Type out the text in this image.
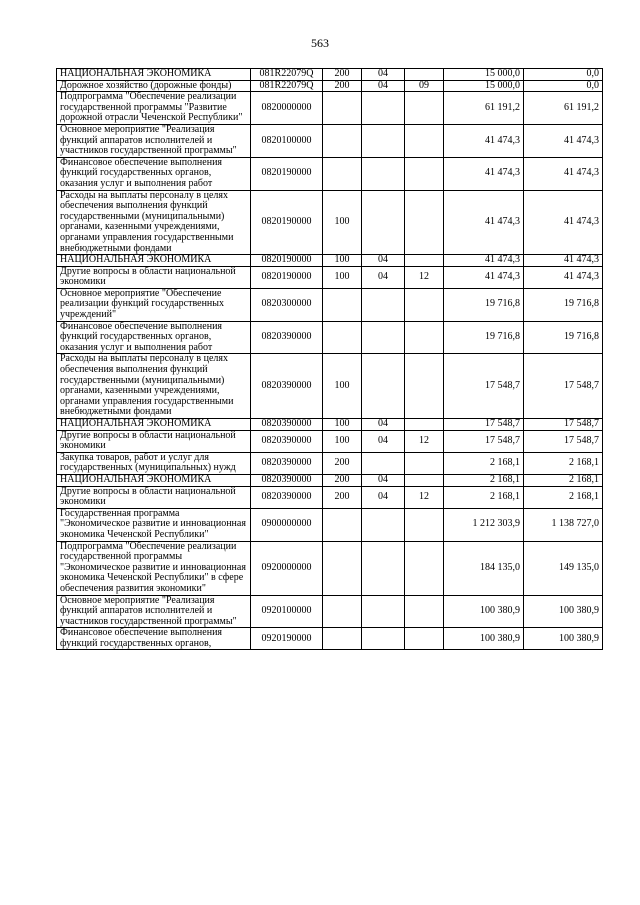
563
НАЦИОНАЛЬНАЯ ЭКОНОМИКА	081R22079Q	200	04		15 000,0	0,0
Дорожное хозяйство (дорожные фонды)	081R22079Q	200	04	09	15 000,0	0,0
Подпрограмма "Обеспечение реализации государственной программы "Развитие дорожной отрасли Чеченской Республики"	0820000000				61 191,2	61 191,2
Основное мероприятие "Реализация функций аппаратов исполнителей и участников государственной программы"	0820100000				41 474,3	41 474,3
Финансовое обеспечение выполнения функций государственных органов, оказания услуг и выполнения работ	0820190000				41 474,3	41 474,3
Расходы на выплаты персоналу в целях обеспечения выполнения функций государственными (муниципальными) органами, казенными учреждениями, органами управления государственными внебюджетными фондами	0820190000	100			41 474,3	41 474,3
НАЦИОНАЛЬНАЯ ЭКОНОМИКА	0820190000	100	04		41 474,3	41 474,3
Другие вопросы в области национальной экономики	0820190000	100	04	12	41 474,3	41 474,3
Основное мероприятие "Обеспечение реализации функций государственных учреждений"	0820300000				19 716,8	19 716,8
Финансовое обеспечение выполнения функций государственных органов, оказания услуг и выполнения работ	0820390000				19 716,8	19 716,8
Расходы на выплаты персоналу в целях обеспечения выполнения функций государственными (муниципальными) органами, казенными учреждениями, органами управления государственными внебюджетными фондами	0820390000	100			17 548,7	17 548,7
НАЦИОНАЛЬНАЯ ЭКОНОМИКА	0820390000	100	04		17 548,7	17 548,7
Другие вопросы в области национальной экономики	0820390000	100	04	12	17 548,7	17 548,7
Закупка товаров, работ и услуг для государственных (муниципальных) нужд	0820390000	200			2 168,1	2 168,1
НАЦИОНАЛЬНАЯ ЭКОНОМИКА	0820390000	200	04		2 168,1	2 168,1
Другие вопросы в области национальной экономики	0820390000	200	04	12	2 168,1	2 168,1
Государственная программа "Экономическое развитие и инновационная экономика Чеченской Республики"	0900000000				1 212 303,9	1 138 727,0
Подпрограмма "Обеспечение реализации государственной программы "Экономическое развитие и инновационная экономика Чеченской Республики" в сфере обеспечения развития экономики"	0920000000				184 135,0	149 135,0
Основное мероприятие "Реализация функций аппаратов исполнителей и участников государственной программы"	0920100000				100 380,9	100 380,9
Финансовое обеспечение выполнения функций государственных органов,	0920190000				100 380,9	100 380,9
